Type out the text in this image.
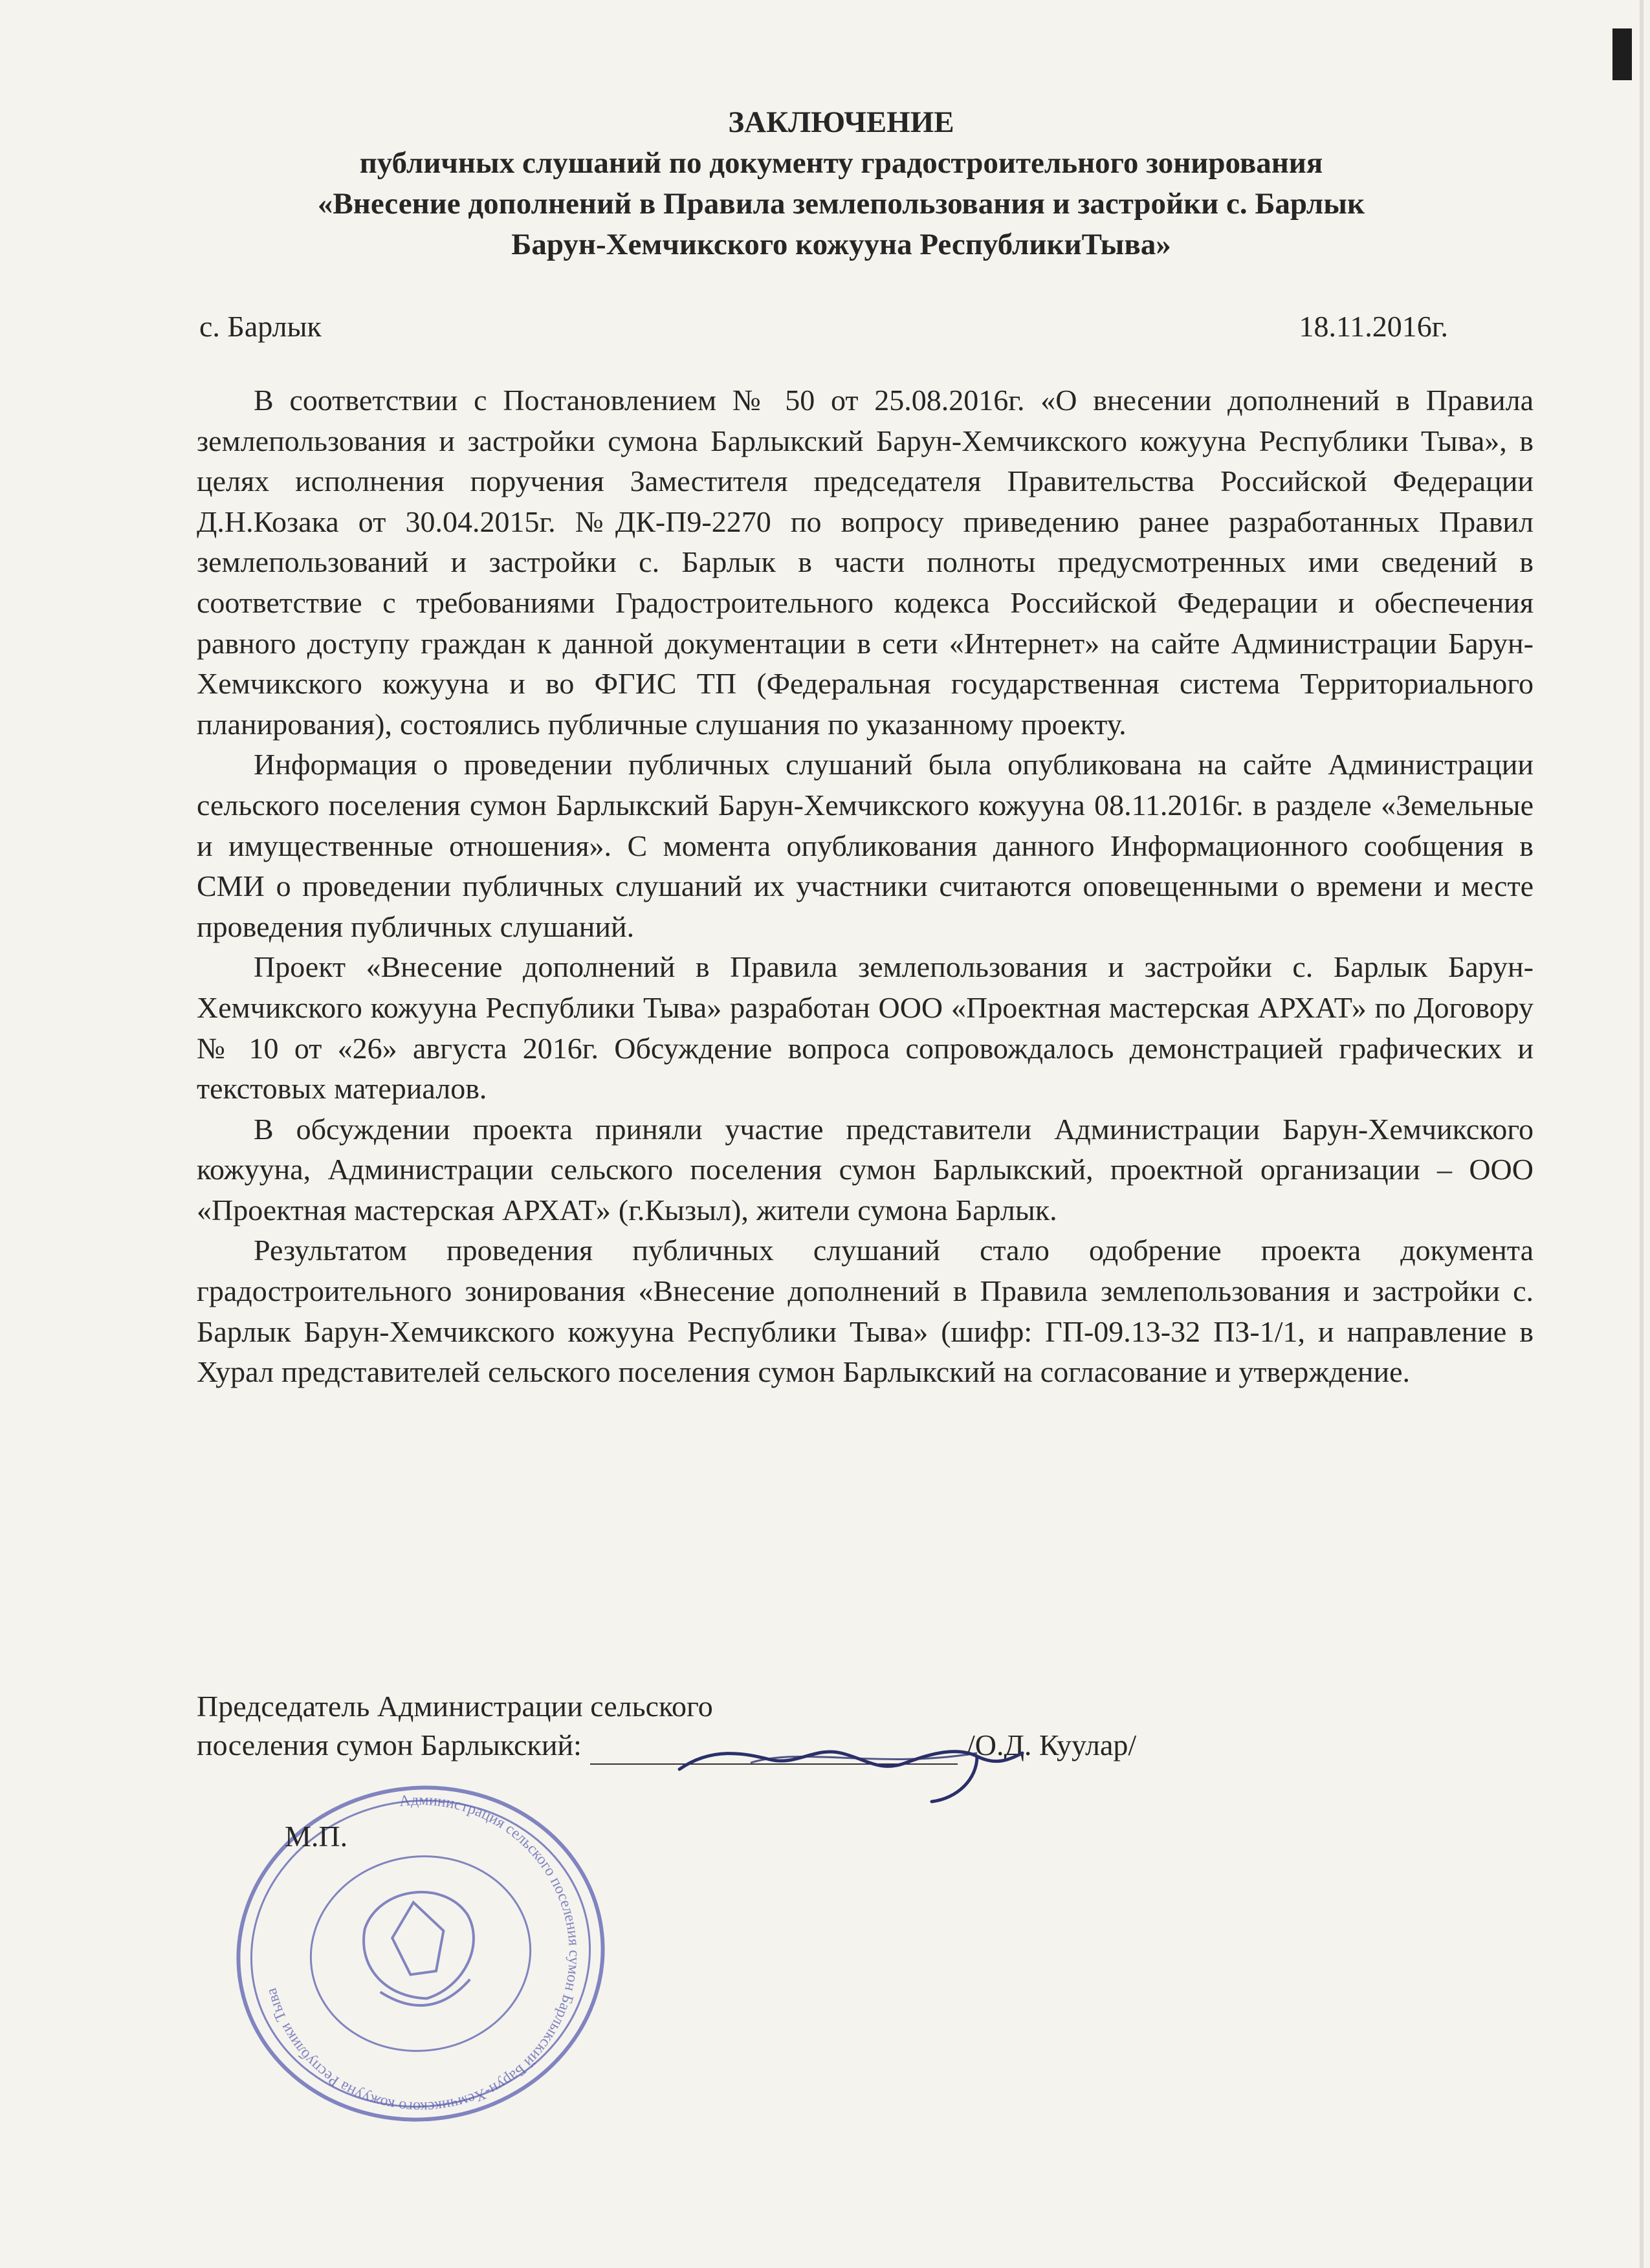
ЗАКЛЮЧЕНИЕ
публичных слушаний по документу градостроительного зонирования
«Внесение дополнений в Правила землепользования и застройки с. Барлык
Барун-Хемчикского кожууна РеспубликиТыва»
с. Барлык	18.11.2016г.

В соответствии с Постановлением № 50 от 25.08.2016г. «О внесении дополнений в Правила землепользования и застройки сумона Барлыкский Барун-Хемчикского кожууна Республики Тыва», в целях исполнения поручения Заместителя председателя Правительства Российской Федерации Д.Н.Козака от 30.04.2015г. №ДК-П9-2270 по вопросу приведению ранее разработанных Правил землепользований и застройки с. Барлык в части полноты предусмотренных ими сведений в соответствие с требованиями Градостроительного кодекса Российской Федерации и обеспечения равного доступу граждан к данной документации в сети «Интернет» на сайте Администрации Барун-Хемчикского кожууна и во ФГИС ТП (Федеральная государственная система Территориального планирования), состоялись публичные слушания по указанному проекту.

Информация о проведении публичных слушаний была опубликована на сайте Администрации сельского поселения сумон Барлыкский Барун-Хемчикского кожууна 08.11.2016г. в разделе «Земельные и имущественные отношения». С момента опубликования данного Информационного сообщения в СМИ о проведении публичных слушаний их участники считаются оповещенными о времени и месте проведения публичных слушаний.

Проект «Внесение дополнений в Правила землепользования и застройки с. Барлык Барун-Хемчикского кожууна Республики Тыва» разработан ООО «Проектная мастерская АРХАТ» по Договору № 10 от «26» августа 2016г. Обсуждение вопроса сопровождалось демонстрацией графических и текстовых материалов.

В обсуждении проекта приняли участие представители Администрации Барун-Хемчикского кожууна, Администрации сельского поселения сумон Барлыкский, проектной организации – ООО «Проектная мастерская АРХАТ» (г.Кызыл), жители сумона Барлык.

Результатом проведения публичных слушаний стало одобрение проекта документа градостроительного зонирования «Внесение дополнений в Правила землепользования и застройки с. Барлык Барун-Хемчикского кожууна Республики Тыва» (шифр: ГП-09.13-32 ПЗ-1/1, и направление в Хурал представителей сельского поселения сумон Барлыкский на согласование и утверждение.

Администрация сельского поселения сумон Барлыкский Барун-Хемчикского кожууна Республики Тыва
Председатель Администрации сельского
поселения сумон Барлыкский:	/О.Д. Куулар/
М.П.
